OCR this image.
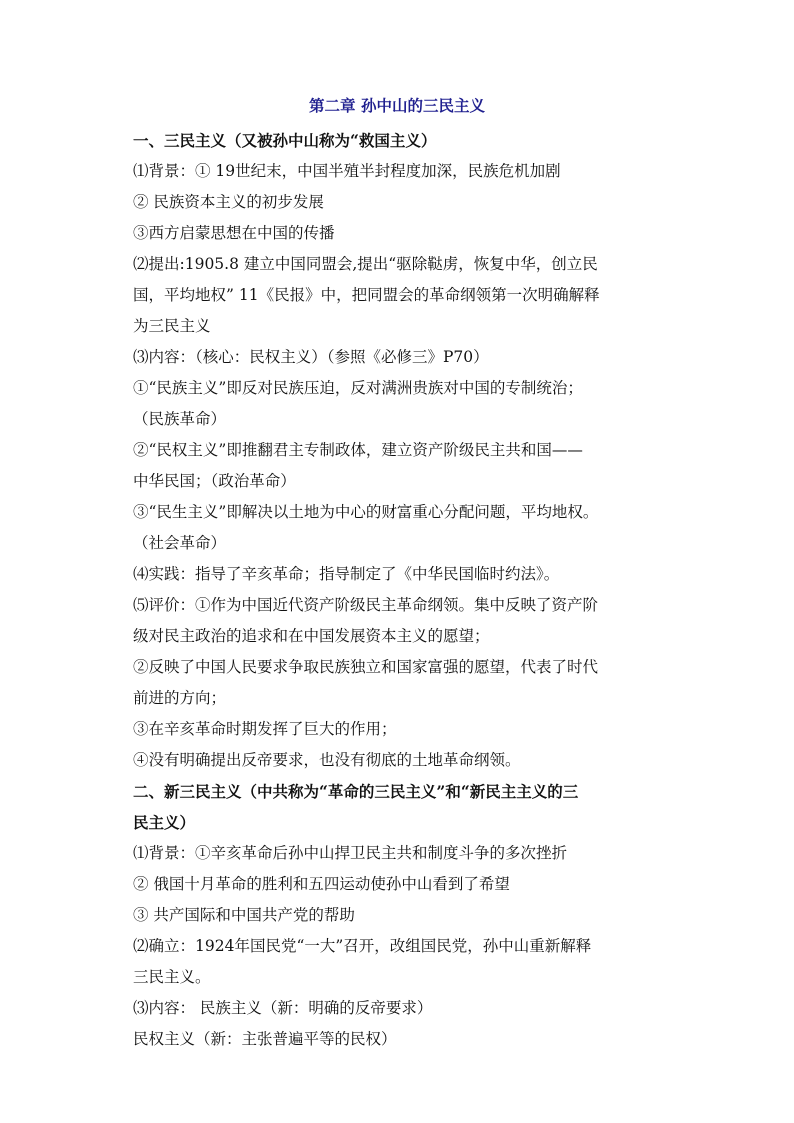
第二章 孙中山的三民主义
一、三民主义（又被孙中山称为“救国主义）
⑴背景：① 19世纪末，中国半殖半封程度加深，民族危机加剧
② 民族资本主义的初步发展
③西方启蒙思想在中国的传播
⑵提出:1905.8 建立中国同盟会,提出“驱除鞑虏，恢复中华，创立民
国，平均地权” 11《民报》中，把同盟会的革命纲领第一次明确解释
为三民主义
⑶内容：（核心：民权主义）（参照《必修三》P70）
①“民族主义”即反对民族压迫，反对满洲贵族对中国的专制统治；
（民族革命）
②“民权主义”即推翻君主专制政体，建立资产阶级民主共和国——
中华民国；（政治革命）
③“民生主义”即解决以土地为中心的财富重心分配问题，平均地权。
（社会革命）
⑷实践：指导了辛亥革命；指导制定了《中华民国临时约法》。
⑸评价：①作为中国近代资产阶级民主革命纲领。集中反映了资产阶
级对民主政治的追求和在中国发展资本主义的愿望；
②反映了中国人民要求争取民族独立和国家富强的愿望，代表了时代
前进的方向；
③在辛亥革命时期发挥了巨大的作用；
④没有明确提出反帝要求，也没有彻底的土地革命纲领。
二、新三民主义（中共称为“革命的三民主义”和“新民主主义的三
民主义）
⑴背景：①辛亥革命后孙中山捍卫民主共和制度斗争的多次挫折
② 俄国十月革命的胜利和五四运动使孙中山看到了希望
③ 共产国际和中国共产党的帮助
⑵确立：1924年国民党“一大”召开，改组国民党，孙中山重新解释
三民主义。
⑶内容： 民族主义（新：明确的反帝要求）
民权主义（新：主张普遍平等的民权）
